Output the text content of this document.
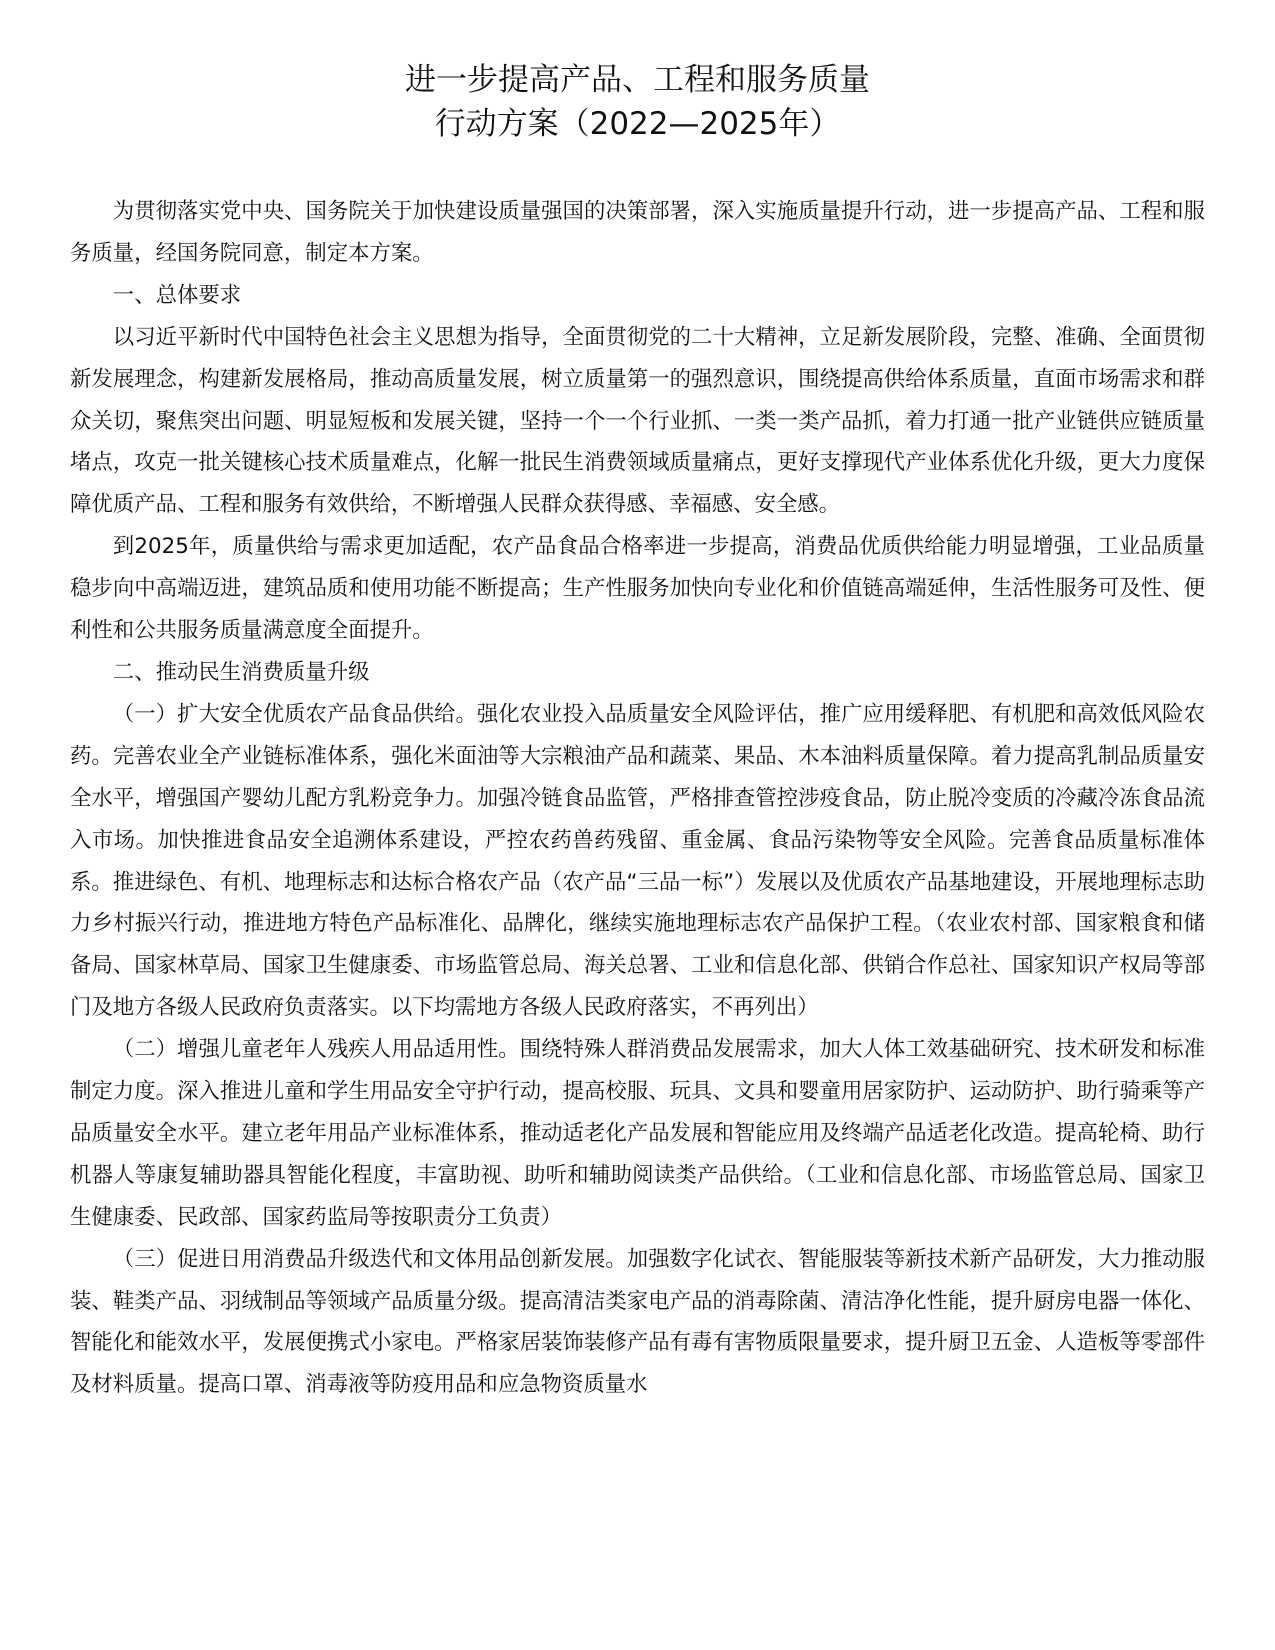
进一步提高产品、工程和服务质量
行动方案（2022—2025年）

为贯彻落实党中央、国务院关于加快建设质量强国的决策部署，深入实施质量提升行动，进一步提高产品、工程和服务质量，经国务院同意，制定本方案。

一、总体要求

以习近平新时代中国特色社会主义思想为指导，全面贯彻党的二十大精神，立足新发展阶段，完整、准确、全面贯彻新发展理念，构建新发展格局，推动高质量发展，树立质量第一的强烈意识，围绕提高供给体系质量，直面市场需求和群众关切，聚焦突出问题、明显短板和发展关键，坚持一个一个行业抓、一类一类产品抓，着力打通一批产业链供应链质量堵点，攻克一批关键核心技术质量难点，化解一批民生消费领域质量痛点，更好支撑现代产业体系优化升级，更大力度保障优质产品、工程和服务有效供给，不断增强人民群众获得感、幸福感、安全感。

到2025年，质量供给与需求更加适配，农产品食品合格率进一步提高，消费品优质供给能力明显增强，工业品质量稳步向中高端迈进，建筑品质和使用功能不断提高；生产性服务加快向专业化和价值链高端延伸，生活性服务可及性、便利性和公共服务质量满意度全面提升。

二、推动民生消费质量升级

（一）扩大安全优质农产品食品供给。强化农业投入品质量安全风险评估，推广应用缓释肥、有机肥和高效低风险农药。完善农业全产业链标准体系，强化米面油等大宗粮油产品和蔬菜、果品、木本油料质量保障。着力提高乳制品质量安全水平，增强国产婴幼儿配方乳粉竞争力。加强冷链食品监管，严格排查管控涉疫食品，防止脱冷变质的冷藏冷冻食品流入市场。加快推进食品安全追溯体系建设，严控农药兽药残留、重金属、食品污染物等安全风险。完善食品质量标准体系。推进绿色、有机、地理标志和达标合格农产品（农产品“三品一标”）发展以及优质农产品基地建设，开展地理标志助力乡村振兴行动，推进地方特色产品标准化、品牌化，继续实施地理标志农产品保护工程。（农业农村部、国家粮食和储备局、国家林草局、国家卫生健康委、市场监管总局、海关总署、工业和信息化部、供销合作总社、国家知识产权局等部门及地方各级人民政府负责落实。以下均需地方各级人民政府落实，不再列出）

（二）增强儿童老年人残疾人用品适用性。围绕特殊人群消费品发展需求，加大人体工效基础研究、技术研发和标准制定力度。深入推进儿童和学生用品安全守护行动，提高校服、玩具、文具和婴童用居家防护、运动防护、助行骑乘等产品质量安全水平。建立老年用品产业标准体系，推动适老化产品发展和智能应用及终端产品适老化改造。提高轮椅、助行机器人等康复辅助器具智能化程度，丰富助视、助听和辅助阅读类产品供给。（工业和信息化部、市场监管总局、国家卫生健康委、民政部、国家药监局等按职责分工负责）

（三）促进日用消费品升级迭代和文体用品创新发展。加强数字化试衣、智能服装等新技术新产品研发，大力推动服装、鞋类产品、羽绒制品等领域产品质量分级。提高清洁类家电产品的消毒除菌、清洁净化性能，提升厨房电器一体化、智能化和能效水平，发展便携式小家电。严格家居装饰装修产品有毒有害物质限量要求，提升厨卫五金、人造板等零部件及材料质量。提高口罩、消毒液等防疫用品和应急物资质量水
